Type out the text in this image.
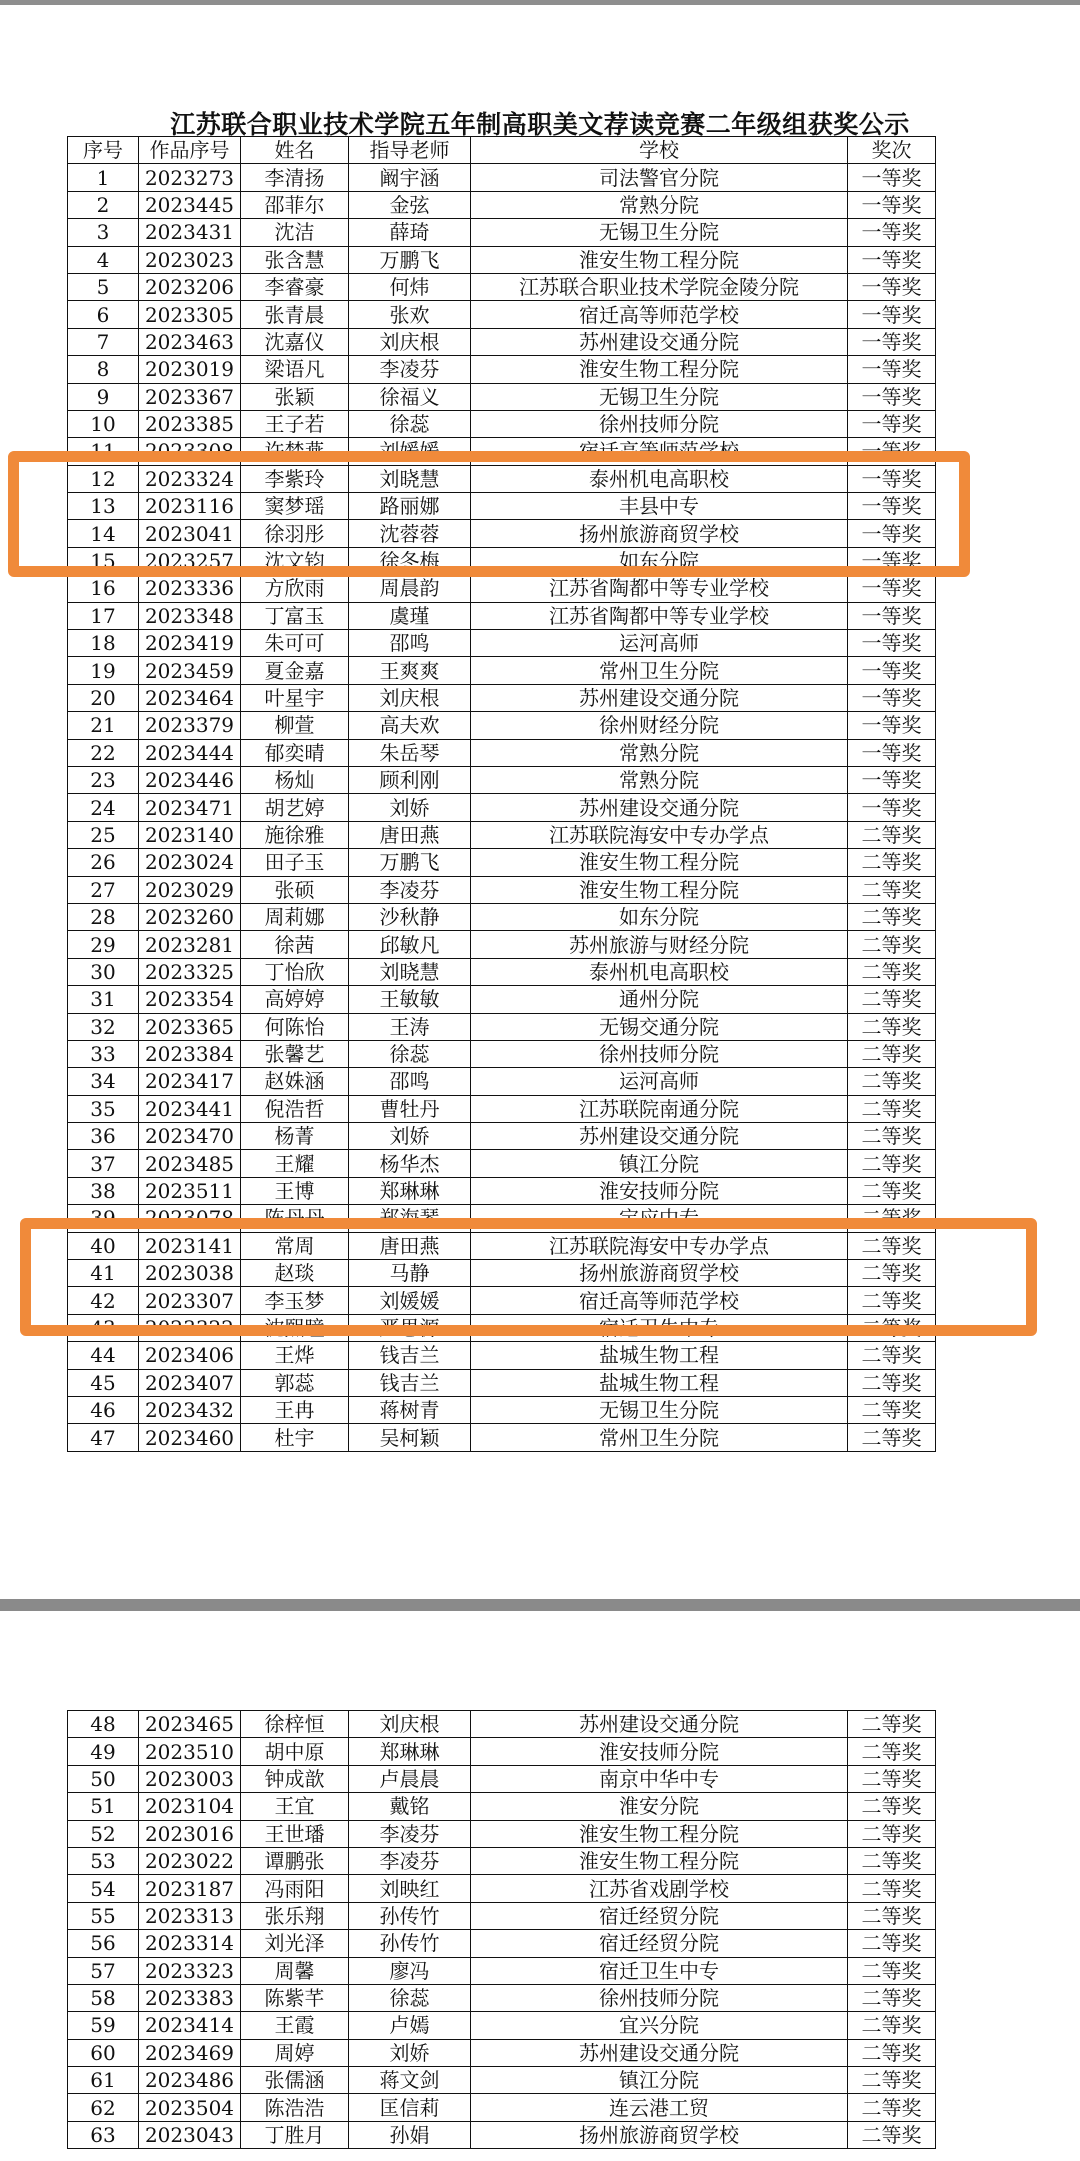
江苏联合职业技术学院五年制高职美文荐读竞赛二年级组获奖公示
序号	作品序号	姓名	指导老师	学校	奖次
1	2023273	李清扬	阚宇涵	司法警官分院	一等奖
2	2023445	邵菲尔	金弦	常熟分院	一等奖
3	2023431	沈洁	薛琦	无锡卫生分院	一等奖
4	2023023	张含慧	万鹏飞	淮安生物工程分院	一等奖
5	2023206	李睿豪	何炜	江苏联合职业技术学院金陵分院	一等奖
6	2023305	张青晨	张欢	宿迁高等师范学校	一等奖
7	2023463	沈嘉仪	刘庆根	苏州建设交通分院	一等奖
8	2023019	梁语凡	李凌芬	淮安生物工程分院	一等奖
9	2023367	张颖	徐福义	无锡卫生分院	一等奖
10	2023385	王子若	徐蕊	徐州技师分院	一等奖
11	2023308	许梦燕	刘媛媛	宿迁高等师范学校	一等奖
12	2023324	李紫玲	刘晓慧	泰州机电高职校	一等奖
13	2023116	窦梦瑶	路丽娜	丰县中专	一等奖
14	2023041	徐羽彤	沈蓉蓉	扬州旅游商贸学校	一等奖
15	2023257	沈文钧	徐冬梅	如东分院	一等奖
16	2023336	方欣雨	周晨韵	江苏省陶都中等专业学校	一等奖
17	2023348	丁富玉	虞瑾	江苏省陶都中等专业学校	一等奖
18	2023419	朱可可	邵鸣	运河高师	一等奖
19	2023459	夏金嘉	王爽爽	常州卫生分院	一等奖
20	2023464	叶星宇	刘庆根	苏州建设交通分院	一等奖
21	2023379	柳萱	高夫欢	徐州财经分院	一等奖
22	2023444	郁奕晴	朱岳琴	常熟分院	一等奖
23	2023446	杨灿	顾利刚	常熟分院	一等奖
24	2023471	胡艺婷	刘娇	苏州建设交通分院	一等奖
25	2023140	施徐雅	唐田燕	江苏联院海安中专办学点	二等奖
26	2023024	田子玉	万鹏飞	淮安生物工程分院	二等奖
27	2023029	张硕	李凌芬	淮安生物工程分院	二等奖
28	2023260	周莉娜	沙秋静	如东分院	二等奖
29	2023281	徐茜	邱敏凡	苏州旅游与财经分院	二等奖
30	2023325	丁怡欣	刘晓慧	泰州机电高职校	二等奖
31	2023354	高婷婷	王敏敏	通州分院	二等奖
32	2023365	何陈怡	王涛	无锡交通分院	二等奖
33	2023384	张馨艺	徐蕊	徐州技师分院	二等奖
34	2023417	赵姝涵	邵鸣	运河高师	二等奖
35	2023441	倪浩哲	曹牡丹	江苏联院南通分院	二等奖
36	2023470	杨菁	刘娇	苏州建设交通分院	二等奖
37	2023485	王耀	杨华杰	镇江分院	二等奖
38	2023511	王博	郑琳琳	淮安技师分院	二等奖
39	2023078	陈丹丹	郑海琴	宝应中专	二等奖
40	2023141	常周	唐田燕	江苏联院海安中专办学点	二等奖
41	2023038	赵琰	马静	扬州旅游商贸学校	二等奖
42	2023307	李玉梦	刘媛媛	宿迁高等师范学校	二等奖
43	2023322	沈熙瞳	严思源	宿迁卫生中专	二等奖
44	2023406	王烨	钱吉兰	盐城生物工程	二等奖
45	2023407	郭蕊	钱吉兰	盐城生物工程	二等奖
46	2023432	王冉	蒋树青	无锡卫生分院	二等奖
47	2023460	杜宇	吴柯颖	常州卫生分院	二等奖
48	2023465	徐梓恒	刘庆根	苏州建设交通分院	二等奖
49	2023510	胡中原	郑琳琳	淮安技师分院	二等奖
50	2023003	钟成歆	卢晨晨	南京中华中专	二等奖
51	2023104	王宜	戴铭	淮安分院	二等奖
52	2023016	王世璠	李凌芬	淮安生物工程分院	二等奖
53	2023022	谭鹏张	李凌芬	淮安生物工程分院	二等奖
54	2023187	冯雨阳	刘映红	江苏省戏剧学校	二等奖
55	2023313	张乐翔	孙传竹	宿迁经贸分院	二等奖
56	2023314	刘光泽	孙传竹	宿迁经贸分院	二等奖
57	2023323	周馨	廖冯	宿迁卫生中专	二等奖
58	2023383	陈紫芊	徐蕊	徐州技师分院	二等奖
59	2023414	王霞	卢嫣	宜兴分院	二等奖
60	2023469	周婷	刘娇	苏州建设交通分院	二等奖
61	2023486	张儒涵	蒋文剑	镇江分院	二等奖
62	2023504	陈浩浩	匡信莉	连云港工贸	二等奖
63	2023043	丁胜月	孙娟	扬州旅游商贸学校	二等奖
